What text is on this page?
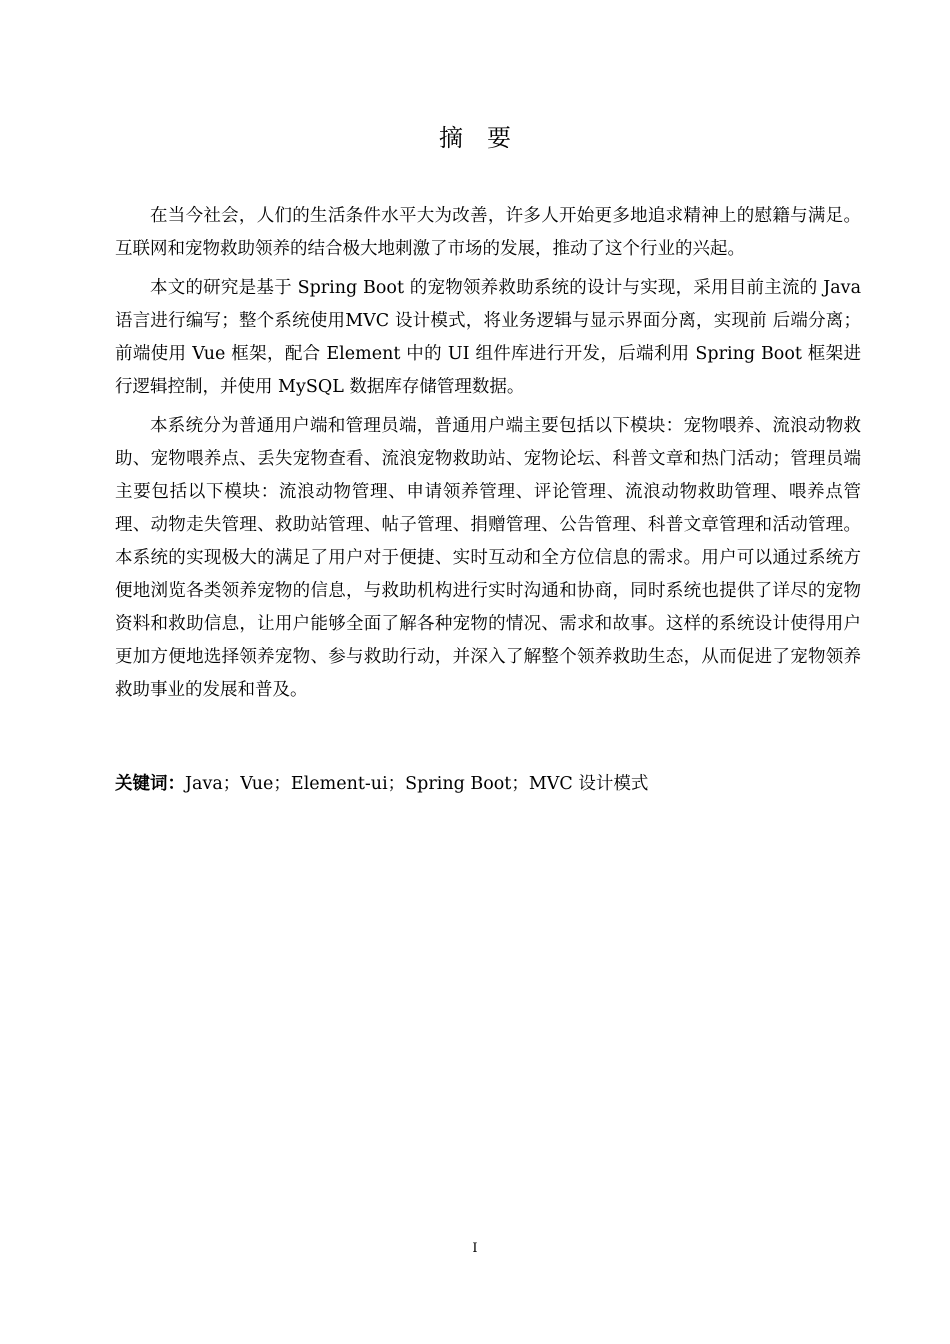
摘要

在当今社会，人们的生活条件水平大为改善，许多人开始更多地追求精神上的慰籍与满足。互联网和宠物救助领养的结合极大地刺激了市场的发展，推动了这个行业的兴起。

本文的研究是基于 Spring Boot 的宠物领养救助系统的设计与实现，采用目前主流的 Java 语言进行编写；整个系统使用MVC 设计模式，将业务逻辑与显示界面分离，实现前 后端分离；前端使用 Vue 框架，配合 Element 中的 UI 组件库进行开发，后端利用 Spring Boot 框架进行逻辑控制，并使用 MySQL 数据库存储管理数据。

本系统分为普通用户端和管理员端，普通用户端主要包括以下模块：宠物喂养、流浪动物救助、宠物喂养点、丢失宠物查看、流浪宠物救助站、宠物论坛、科普文章和热门活动；管理员端主要包括以下模块：流浪动物管理、申请领养管理、评论管理、流浪动物救助管理、喂养点管理、动物走失管理、救助站管理、帖子管理、捐赠管理、公告管理、科普文章管理和活动管理。本系统的实现极大的满足了用户对于便捷、实时互动和全方位信息的需求。用户可以通过系统方便地浏览各类领养宠物的信息，与救助机构进行实时沟通和协商，同时系统也提供了详尽的宠物资料和救助信息，让用户能够全面了解各种宠物的情况、需求和故事。这样的系统设计使得用户更加方便地选择领养宠物、参与救助行动，并深入了解整个领养救助生态，从而促进了宠物领养救助事业的发展和普及。

关键词：Java；Vue；Element-ui；Spring Boot；MVC 设计模式

I
